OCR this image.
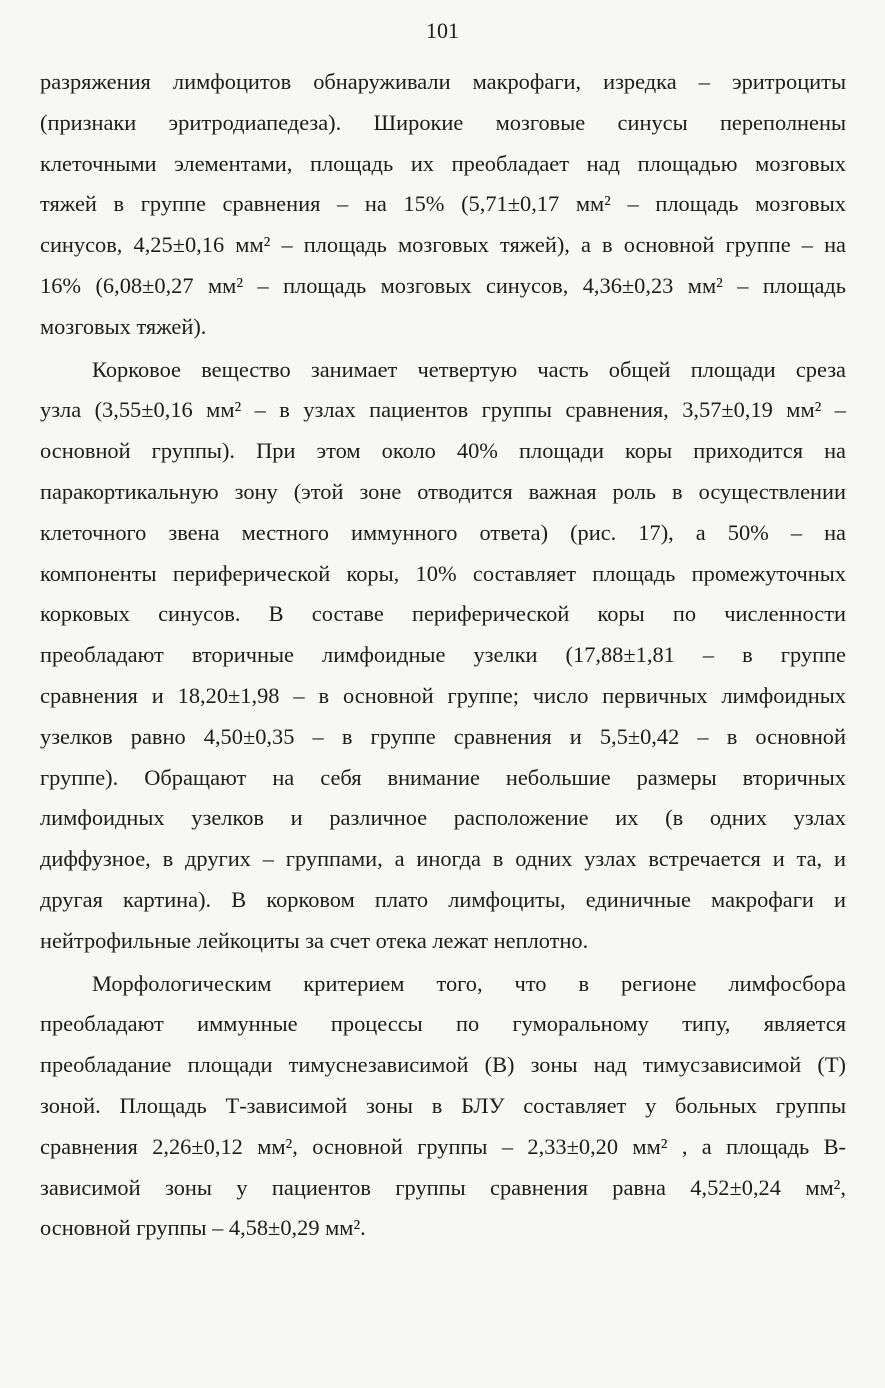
101

разряжения лимфоцитов обнаруживали макрофаги, изредка – эритроциты
(признаки эритродиапедеза). Широкие мозговые синусы переполнены
клеточными элементами, площадь их преобладает над площадью мозговых
тяжей в группе сравнения – на 15% (5,71±0,17 мм² – площадь мозговых
синусов, 4,25±0,16 мм² – площадь мозговых тяжей), а в основной группе – на
16% (6,08±0,27 мм² – площадь мозговых синусов, 4,36±0,23 мм² – площадь
мозговых тяжей).

Корковое вещество занимает четвертую часть общей площади среза
узла (3,55±0,16 мм² – в узлах пациентов группы сравнения, 3,57±0,19 мм² –
основной группы). При этом около 40% площади коры приходится на
паракортикальную зону (этой зоне отводится важная роль в осуществлении
клеточного звена местного иммунного ответа) (рис. 17), а 50% – на
компоненты периферической коры, 10% составляет площадь промежуточных
корковых синусов. В составе периферической коры по численности
преобладают вторичные лимфоидные узелки (17,88±1,81 – в группе
сравнения и 18,20±1,98 – в основной группе; число первичных лимфоидных
узелков равно 4,50±0,35 – в группе сравнения и 5,5±0,42 – в основной
группе). Обращают на себя внимание небольшие размеры вторичных
лимфоидных узелков и различное расположение их (в одних узлах
диффузное, в других – группами, а иногда в одних узлах встречается и та, и
другая картина). В корковом плато лимфоциты, единичные макрофаги и
нейтрофильные лейкоциты за счет отека лежат неплотно.

Морфологическим критерием того, что в регионе лимфосбора
преобладают иммунные процессы по гуморальному типу, является
преобладание площади тимуснезависимой (В) зоны над тимусзависимой (Т)
зоной. Площадь Т-зависимой зоны в БЛУ составляет у больных группы
сравнения 2,26±0,12 мм², основной группы – 2,33±0,20 мм² , а площадь В-
зависимой зоны у пациентов группы сравнения равна 4,52±0,24 мм²,
основной группы – 4,58±0,29 мм².
